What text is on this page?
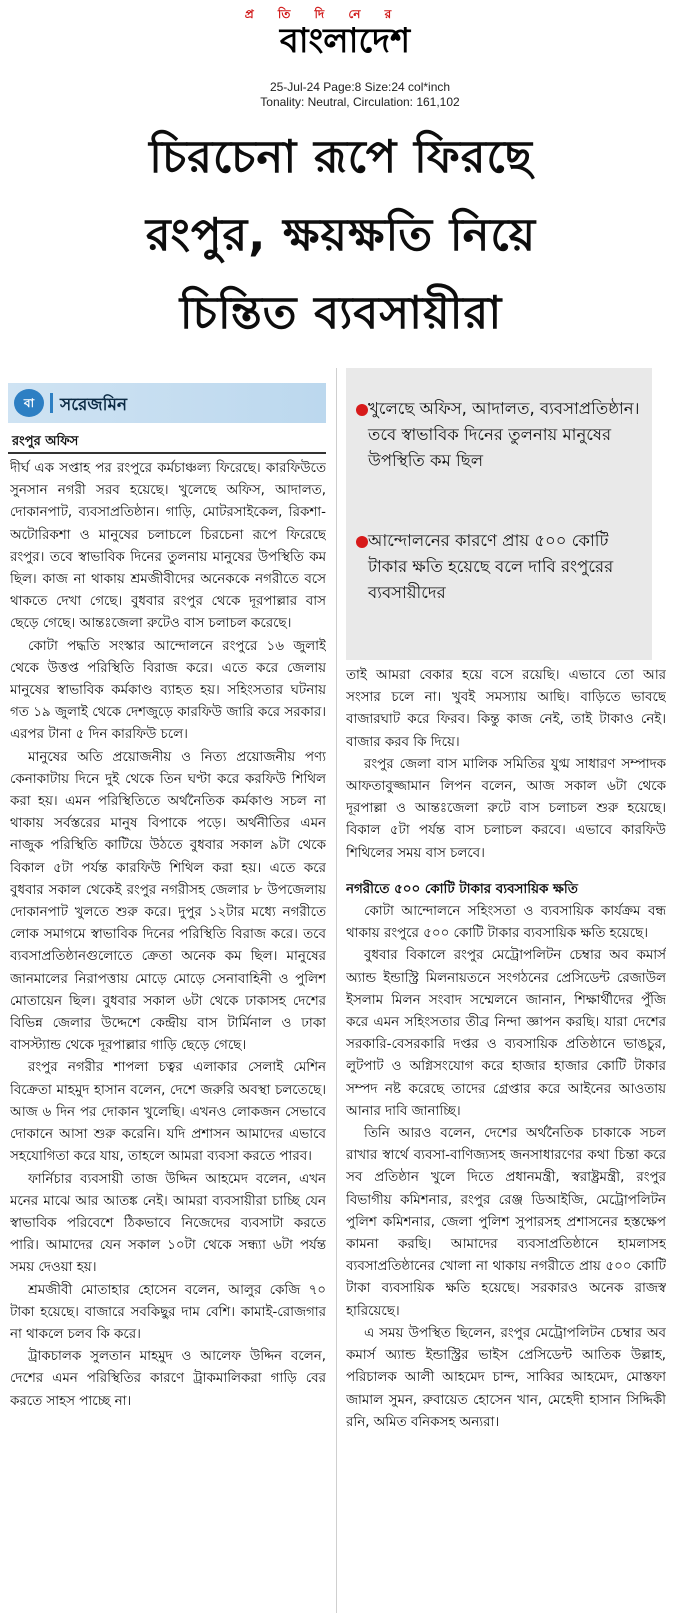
প্র তি দি নে র
বাংলাদেশ
25-Jul-24 Page:8 Size:24 col*inch
Tonality: Neutral, Circulation: 161,102
চিরচেনা রূপে ফিরছে
রংপুর, ক্ষয়ক্ষতি নিয়ে
চিন্তিত ব্যবসায়ীরা
বা	সরেজমিন
রংপুর অফিস

দীর্ঘ এক সপ্তাহ পর রংপুরে কর্মচাঞ্চল্য ফিরেছে। কারফিউতে সুনসান নগরী সরব হয়েছে। খুলেছে অফিস, আদালত, দোকানপাট, ব্যবসাপ্রতিষ্ঠান। গাড়ি, মোটরসাইকেল, রিকশা-অটোরিকশা ও মানুষের চলাচলে চিরচেনা রূপে ফিরেছে রংপুর। তবে স্বাভাবিক দিনের তুলনায় মানুষের উপস্থিতি কম ছিল। কাজ না থাকায় শ্রমজীবীদের অনেককে নগরীতে বসে থাকতে দেখা গেছে। বুধবার রংপুর থেকে দূরপাল্লার বাস ছেড়ে গেছে। আন্তঃজেলা রুটেও বাস চলাচল করেছে।

কোটা পদ্ধতি সংস্কার আন্দোলনে রংপুরে ১৬ জুলাই থেকে উত্তপ্ত পরিস্থিতি বিরাজ করে। এতে করে জেলায় মানুষের স্বাভাবিক কর্মকাণ্ড ব্যাহত হয়। সহিংসতার ঘটনায় গত ১৯ জুলাই থেকে দেশজুড়ে কারফিউ জারি করে সরকার। এরপর টানা ৫ দিন কারফিউ চলে।

মানুষের অতি প্রয়োজনীয় ও নিত্য প্রয়োজনীয় পণ্য কেনাকাটায় দিনে দুই থেকে তিন ঘণ্টা করে করফিউ শিথিল করা হয়। এমন পরিস্থিতিতে অর্থনৈতিক কর্মকাণ্ড সচল না থাকায় সর্বস্তরের মানুষ বিপাকে পড়ে। অর্থনীতির এমন নাজুক পরিস্থিতি কাটিয়ে উঠতে বুধবার সকাল ৯টা থেকে বিকাল ৫টা পর্যন্ত কারফিউ শিথিল করা হয়। এতে করে বুধবার সকাল থেকেই রংপুর নগরীসহ জেলার ৮ উপজেলায় দোকানপাট খুলতে শুরু করে। দুপুর ১২টার মধ্যে নগরীতে লোক সমাগমে স্বাভাবিক দিনের পরিস্থিতি বিরাজ করে। তবে ব্যবসাপ্রতিষ্ঠানগুলোতে ক্রেতা অনেক কম ছিল। মানুষের জানমালের নিরাপত্তায় মোড়ে মোড়ে সেনাবাহিনী ও পুলিশ মোতায়েন ছিল। বুধবার সকাল ৬টা থেকে ঢাকাসহ দেশের বিভিন্ন জেলার উদ্দেশে কেন্দ্রীয় বাস টার্মিনাল ও ঢাকা বাসস্ট্যান্ড থেকে দূরপাল্লার গাড়ি ছেড়ে গেছে।

রংপুর নগরীর শাপলা চত্বর এলাকার সেলাই মেশিন বিক্রেতা মাহমুদ হাসান বলেন, দেশে জরুরি অবস্থা চলতেছে। আজ ৬ দিন পর দোকান খুলেছি। এখনও লোকজন সেভাবে দোকানে আসা শুরু করেনি। যদি প্রশাসন আমাদের এভাবে সহযোগিতা করে যায়, তাহলে আমরা ব্যবসা করতে পারব।

ফার্নিচার ব্যবসায়ী তাজ উদ্দিন আহমেদ বলেন, এখন মনের মাঝে আর আতঙ্ক নেই। আমরা ব্যবসায়ীরা চাচ্ছি যেন স্বাভাবিক পরিবেশে ঠিকভাবে নিজেদের ব্যবসাটা করতে পারি। আমাদের যেন সকাল ১০টা থেকে সন্ধ্যা ৬টা পর্যন্ত সময় দেওয়া হয়।

শ্রমজীবী মোতাহার হোসেন বলেন, আলুর কেজি ৭০ টাকা হয়েছে। বাজারে সবকিছুর দাম বেশি। কামাই-রোজগার না থাকলে চলব কি করে।

ট্রাকচালক সুলতান মাহমুদ ও আলেফ উদ্দিন বলেন, দেশের এমন পরিস্থিতির কারণে ট্রাকমালিকরা গাড়ি বের করতে সাহস পাচ্ছে না।

খুলেছে অফিস, আদালত, ব্যবসাপ্রতিষ্ঠান। তবে স্বাভাবিক দিনের তুলনায় মানুষের উপস্থিতি কম ছিল
আন্দোলনের কারণে প্রায় ৫০০ কোটি টাকার ক্ষতি হয়েছে বলে দাবি রংপুরের ব্যবসায়ীদের

তাই আমরা বেকার হয়ে বসে রয়েছি। এভাবে তো আর সংসার চলে না। খুবই সমস্যায় আছি। বাড়িতে ভাবছে বাজারঘাট করে ফিরব। কিন্তু কাজ নেই, তাই টাকাও নেই। বাজার করব কি দিয়ে।

রংপুর জেলা বাস মালিক সমিতির যুগ্ম সাধারণ সম্পাদক আফতাবুজ্জামান লিপন বলেন, আজ সকাল ৬টা থেকে দূরপাল্লা ও আন্তঃজেলা রুটে বাস চলাচল শুরু হয়েছে। বিকাল ৫টা পর্যন্ত বাস চলাচল করবে। এভাবে কারফিউ শিথিলের সময় বাস চলবে।

নগরীতে ৫০০ কোটি টাকার ব্যবসায়িক ক্ষতি

কোটা আন্দোলনে সহিংসতা ও ব্যবসায়িক কার্যক্রম বন্ধ থাকায় রংপুরে ৫০০ কোটি টাকার ব্যবসায়িক ক্ষতি হয়েছে।

বুধবার বিকালে রংপুর মেট্রোপলিটন চেম্বার অব কমার্স অ্যান্ড ইন্ডাস্ট্রি মিলনায়তনে সংগঠনের প্রেসিডেন্ট রেজাউল ইসলাম মিলন সংবাদ সম্মেলনে জানান, শিক্ষার্থীদের পুঁজি করে এমন সহিংসতার তীব্র নিন্দা জ্ঞাপন করছি। যারা দেশের সরকারি-বেসরকারি দপ্তর ও ব্যবসায়িক প্রতিষ্ঠানে ভাঙচুর, লুটপাট ও অগ্নিসংযোগ করে হাজার হাজার কোটি টাকার সম্পদ নষ্ট করেছে তাদের গ্রেপ্তার করে আইনের আওতায় আনার দাবি জানাচ্ছি।

তিনি আরও বলেন, দেশের অর্থনৈতিক চাকাকে সচল রাখার স্বার্থে ব্যবসা-বাণিজ্যসহ জনসাধারণের কথা চিন্তা করে সব প্রতিষ্ঠান খুলে দিতে প্রধানমন্ত্রী, স্বরাষ্ট্রমন্ত্রী, রংপুর বিভাগীয় কমিশনার, রংপুর রেঞ্জ ডিআইজি, মেট্রোপলিটন পুলিশ কমিশনার, জেলা পুলিশ সুপারসহ প্রশাসনের হস্তক্ষেপ কামনা করছি। আমাদের ব্যবসাপ্রতিষ্ঠানে হামলাসহ ব্যবসাপ্রতিষ্ঠানের খোলা না থাকায় নগরীতে প্রায় ৫০০ কোটি টাকা ব্যবসায়িক ক্ষতি হয়েছে। সরকারও অনেক রাজস্ব হারিয়েছে।

এ সময় উপস্থিত ছিলেন, রংপুর মেট্রোপলিটন চেম্বার অব কমার্স অ্যান্ড ইন্ডাস্ট্রির ভাইস প্রেসিডেন্ট আতিক উল্লাহ, পরিচালক আলী আহমেদ চান্দ, সাব্বির আহমেদ, মোস্তফা জামাল সুমন, রুবায়েত হোসেন খান, মেহেদী হাসান সিদ্দিকী রনি, অমিত বনিকসহ অন্যরা।
